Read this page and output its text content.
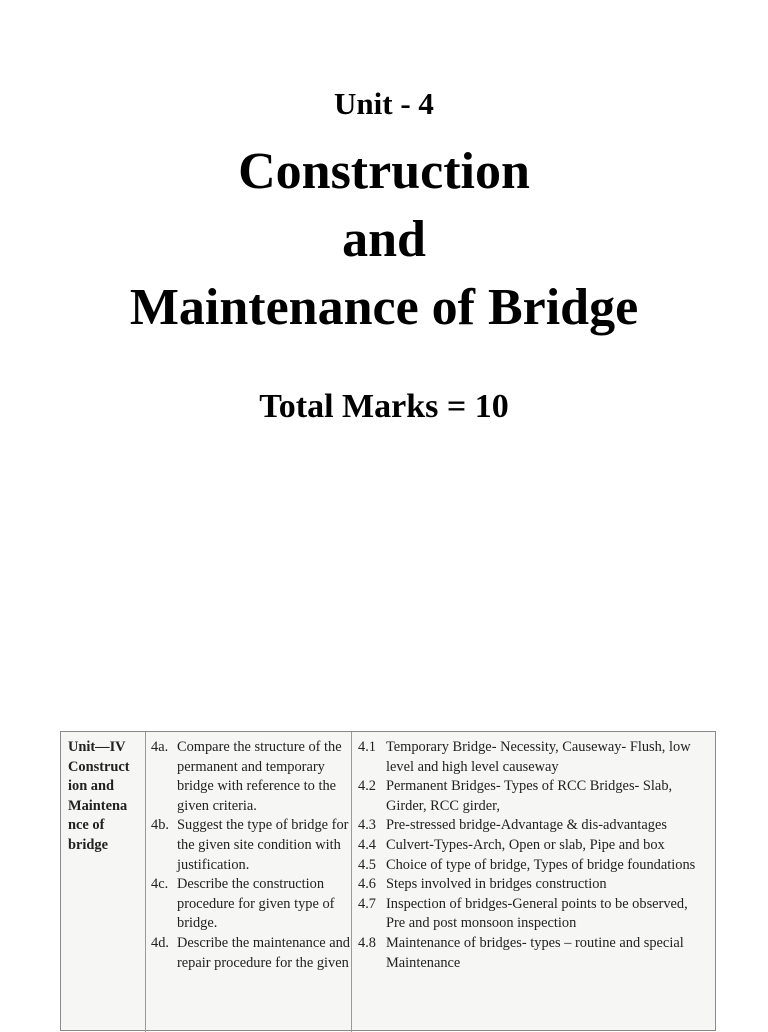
Unit - 4
Construction
and
Maintenance of Bridge
Total Marks = 10
Unit—IV Construct ion and Maintena nce of bridge
4a. Compare the structure of the permanent and temporary bridge with reference to the given criteria.
4b. Suggest the type of bridge for the given site condition with justification.
4c. Describe the construction procedure for given type of bridge.
4d. Describe the maintenance and repair procedure for the given
4.1 Temporary Bridge- Necessity, Causeway- Flush, low level and high level causeway
4.2 Permanent Bridges- Types of RCC Bridges- Slab, Girder, RCC girder,
4.3 Pre-stressed bridge-Advantage & dis-advantages
4.4 Culvert-Types-Arch, Open or slab, Pipe and box
4.5 Choice of type of bridge, Types of bridge foundations
4.6 Steps involved in bridges construction
4.7 Inspection of bridges-General points to be observed, Pre and post monsoon inspection
4.8 Maintenance of bridges- types – routine and special Maintenance
